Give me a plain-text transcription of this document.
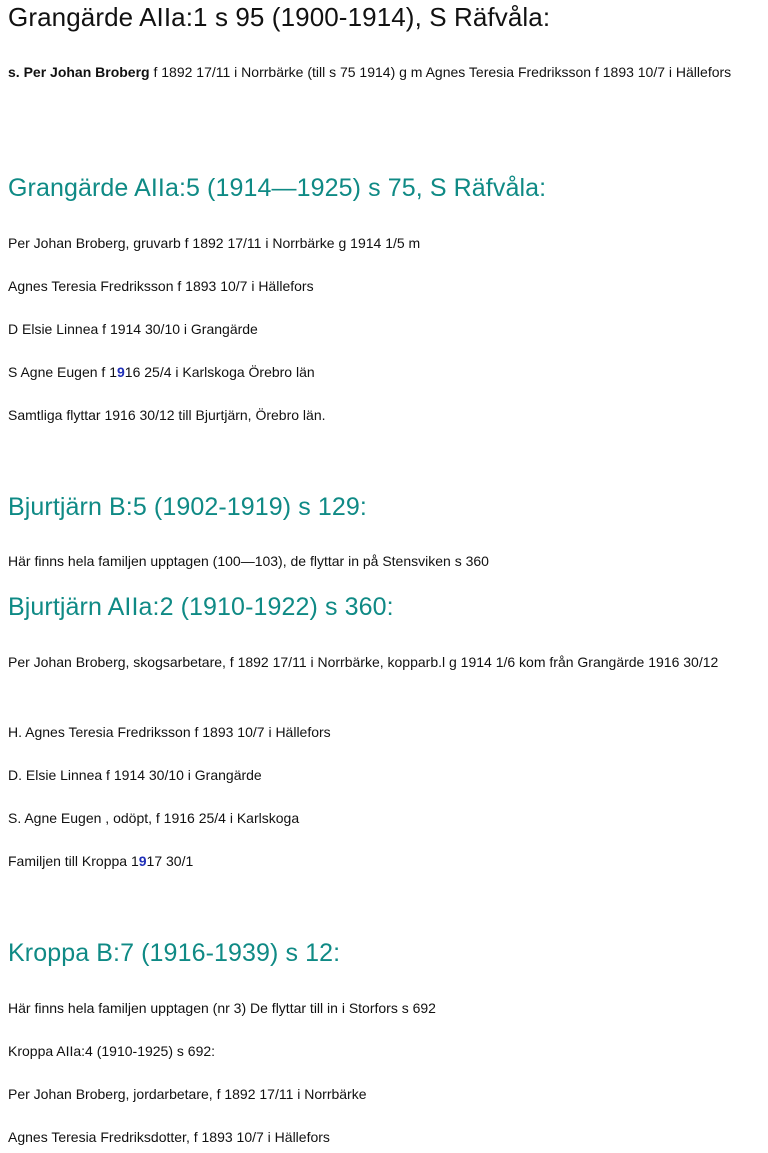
Grangärde AIIa:1 s 95 (1900-1914), S Räfvåla:

s. Per Johan Broberg f 1892 17/11 i Norrbärke (till s 75 1914) g m Agnes Teresia Fredriksson f 1893 10/7 i Hällefors

Grangärde AIIa:5 (1914—1925) s 75, S Räfvåla:

Per Johan Broberg, gruvarb f 1892 17/11 i Norrbärke g 1914 1/5 m

Agnes Teresia Fredriksson f 1893 10/7 i Hällefors

D Elsie Linnea f 1914 30/10 i Grangärde

S Agne Eugen f 1916 25/4 i Karlskoga Örebro län

Samtliga flyttar 1916 30/12 till Bjurtjärn, Örebro län.

Bjurtjärn B:5 (1902-1919) s 129:

Här finns hela familjen upptagen (100—103), de flyttar in på Stensviken s 360

Bjurtjärn AIIa:2 (1910-1922) s 360:

Per Johan Broberg, skogsarbetare, f 1892 17/11 i Norrbärke, kopparb.l g 1914 1/6 kom från Grangärde 1916 30/12

H. Agnes Teresia Fredriksson f 1893 10/7 i Hällefors

D. Elsie Linnea f 1914 30/10 i Grangärde

S. Agne Eugen , odöpt, f 1916 25/4 i Karlskoga

Familjen till Kroppa 1917 30/1

Kroppa B:7 (1916-1939) s 12:

Här finns hela familjen upptagen (nr 3) De flyttar till in i Storfors s 692

Kroppa AIIa:4 (1910-1925) s 692:

Per Johan Broberg, jordarbetare, f 1892 17/11 i Norrbärke

Agnes Teresia Fredriksdotter, f 1893 10/7 i Hällefors
